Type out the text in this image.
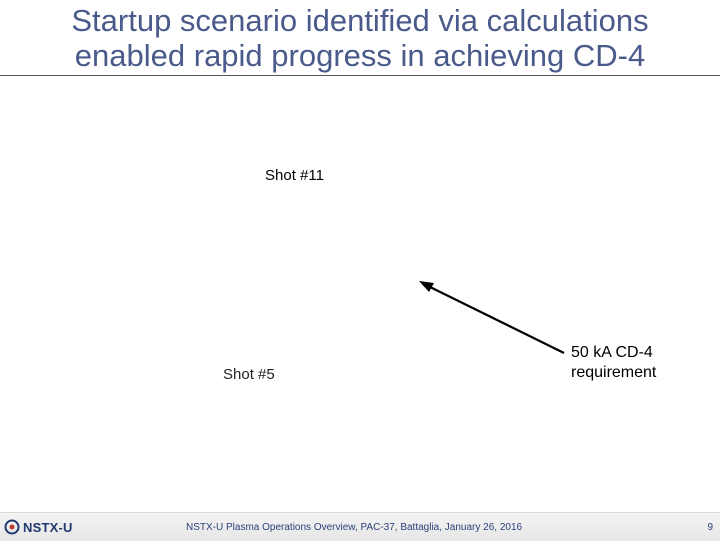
Startup scenario identified via calculations
enabled rapid progress in achieving CD-4
Shot #11
Shot #5
50 kA CD-4
requirement
NSTX-U	NSTX-U Plasma Operations Overview, PAC-37, Battaglia, January 26, 2016	9
